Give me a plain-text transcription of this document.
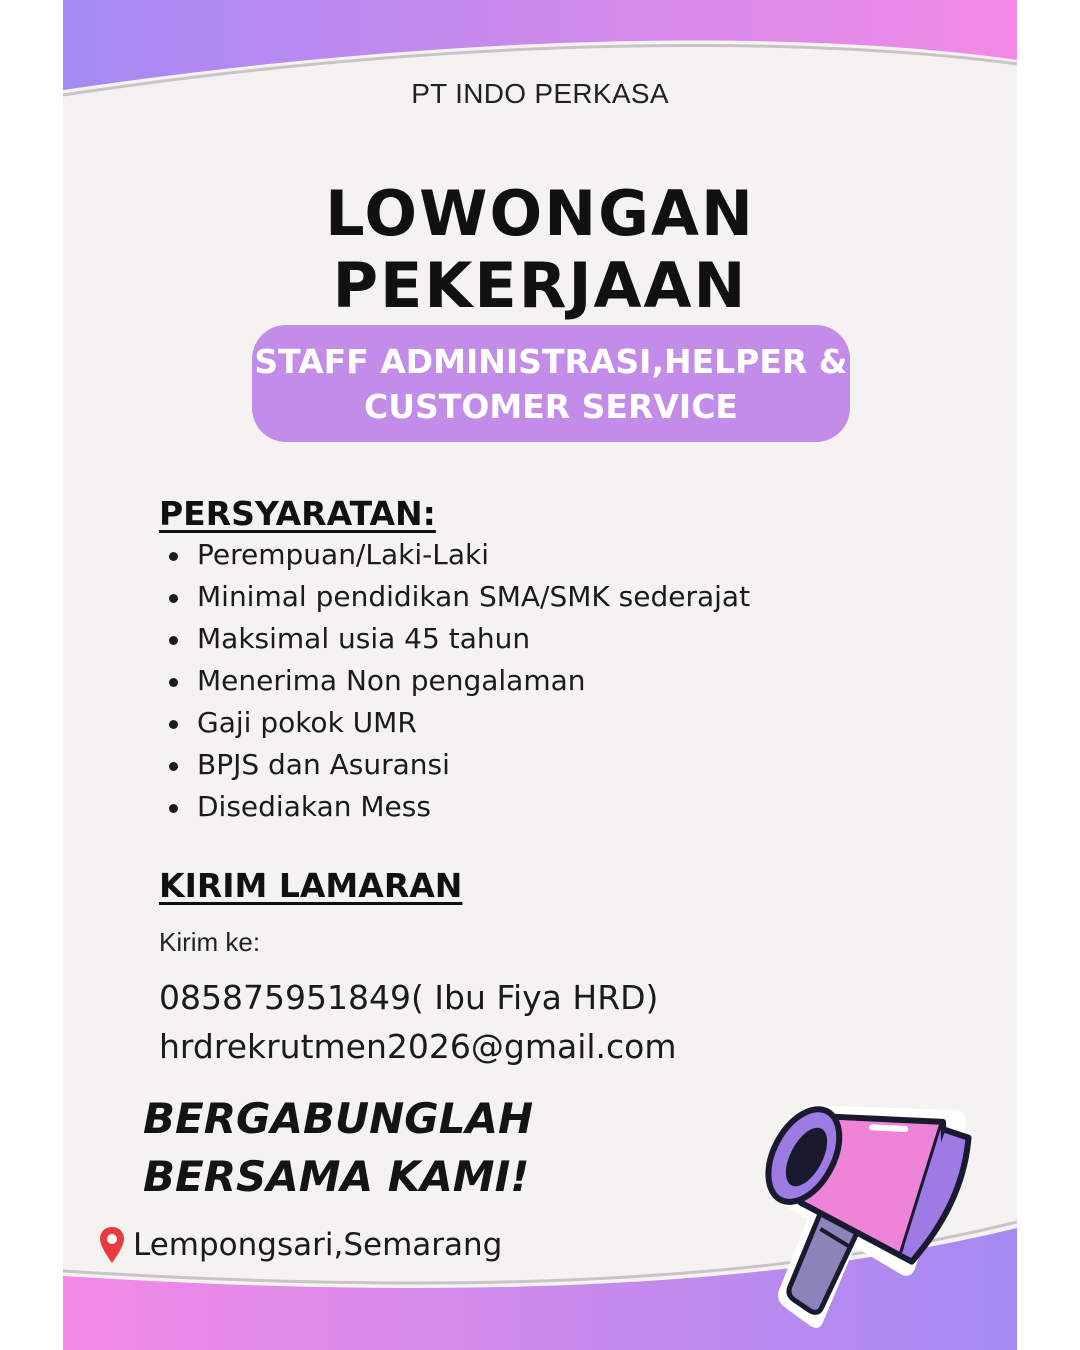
PT INDO PERKASA
LOWONGAN
PEKERJAAN
STAFF ADMINISTRASI,HELPER &
CUSTOMER SERVICE
PERSYARATAN:
Perempuan/Laki-Laki
Minimal pendidikan SMA/SMK sederajat
Maksimal usia 45 tahun
Menerima Non pengalaman
Gaji pokok UMR
BPJS dan Asuransi
Disediakan Mess
KIRIM LAMARAN
Kirim ke:
085875951849( Ibu Fiya HRD)
hrdrekrutmen2026@gmail.com
BERGABUNGLAH
BERSAMA KAMI!
Lempongsari,Semarang
